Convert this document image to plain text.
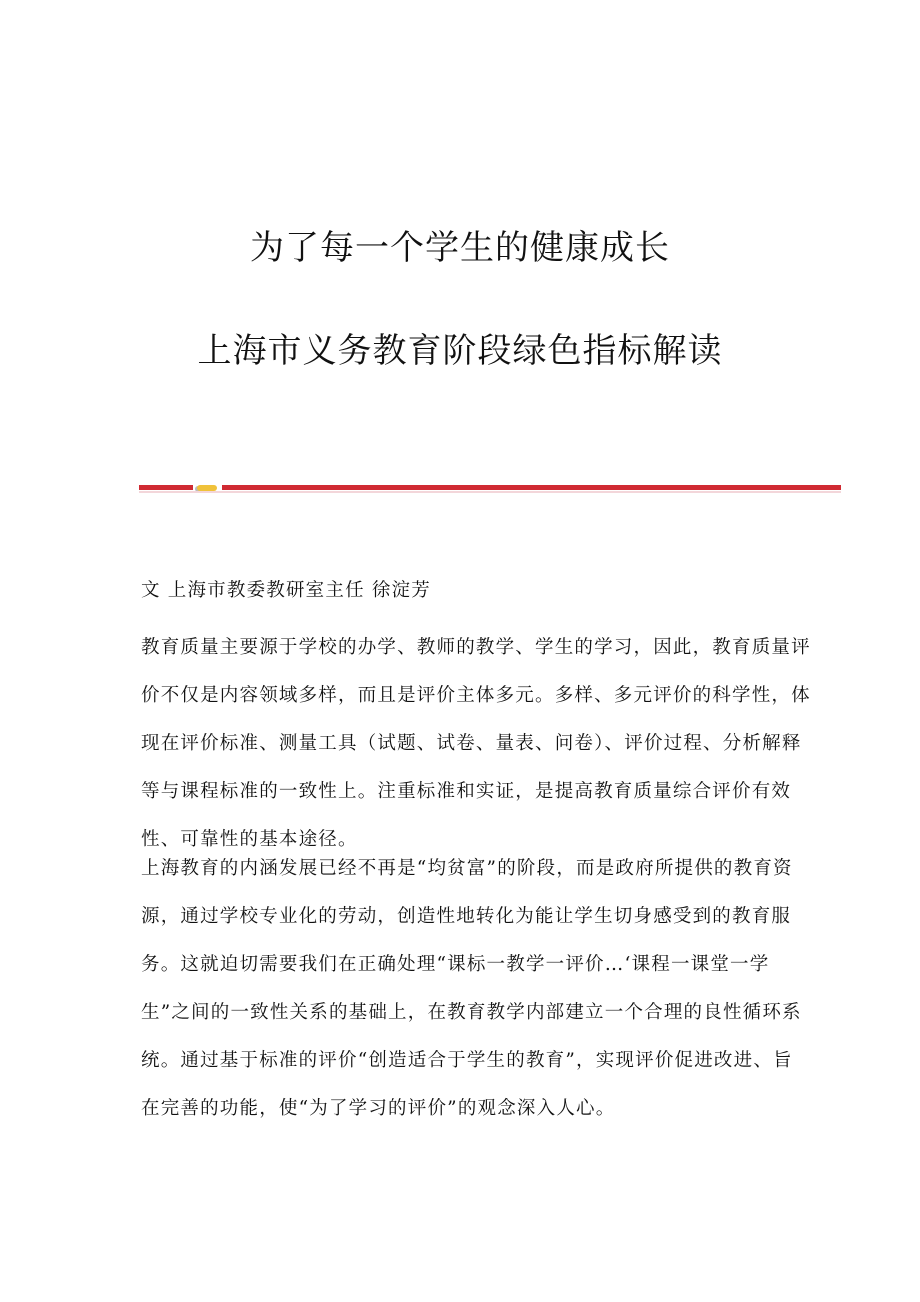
为了每一个学生的健康成长
上海市义务教育阶段绿色指标解读
文 上海市教委教研室主任 徐淀芳
教育质量主要源于学校的办学、教师的教学、学生的学习，因此，教育质量评
价不仅是内容领域多样，而且是评价主体多元。多样、多元评价的科学性，体
现在评价标准、测量工具（试题、试卷、量表、问卷）、评价过程、分析解释
等与课程标准的一致性上。注重标准和实证，是提高教育质量综合评价有效
性、可靠性的基本途径。
上海教育的内涵发展已经不再是“均贫富”的阶段，而是政府所提供的教育资
源，通过学校专业化的劳动，创造性地转化为能让学生切身感受到的教育服
务。这就迫切需要我们在正确处理“课标一教学一评价…‘课程一课堂一学
生”之间的一致性关系的基础上，在教育教学内部建立一个合理的良性循环系
统。通过基于标准的评价“创造适合于学生的教育”，实现评价促进改进、旨
在完善的功能，使“为了学习的评价”的观念深入人心。
